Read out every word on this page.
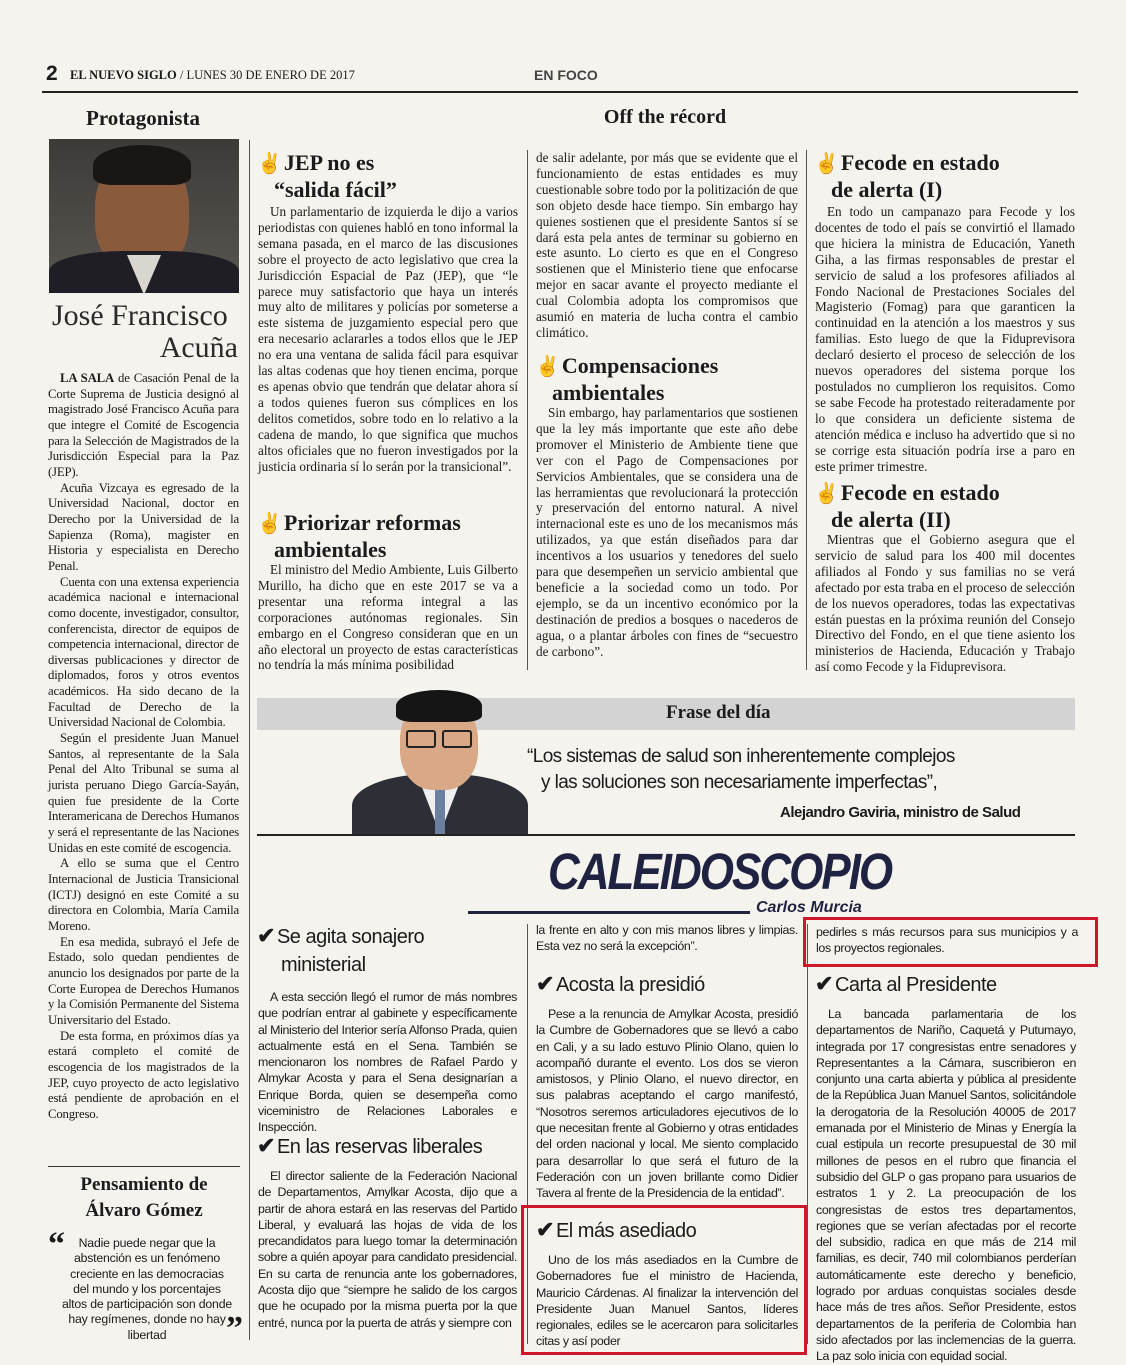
2 EL NUEVO SIGLO / LUNES 30 DE ENERO DE 2017	EN FOCO
Protagonista
José Francisco
Acuña

LA SALA de Casación Penal de la Corte Suprema de Justicia designó al magistrado José Francisco Acuña para que integre el Comité de Escogencia para la Selección de Magistrados de la Jurisdicción Especial para la Paz (JEP).

Acuña Vizcaya es egresado de la Universidad Nacional, doctor en Derecho por la Universidad de la Sapienza (Roma), magister en Historia y especialista en Derecho Penal.

Cuenta con una extensa experiencia académica nacional e internacional como docente, investigador, consultor, conferencista, director de equipos de competencia internacional, director de diversas publicaciones y director de diplomados, foros y otros eventos académicos. Ha sido decano de la Facultad de Derecho de la Universidad Nacional de Colombia.

Según el presidente Juan Manuel Santos, al representante de la Sala Penal del Alto Tribunal se suma al jurista peruano Diego García-Sayán, quien fue presidente de la Corte Interamericana de Derechos Humanos y será el representante de las Naciones Unidas en este comité de escogencia.

A ello se suma que el Centro Internacional de Justicia Transicional (ICTJ) designó en este Comité a su directora en Colombia, María Camila Moreno.

En esa medida, subrayó el Jefe de Estado, solo quedan pendientes de anuncio los designados por parte de la Corte Europea de Derechos Humanos y la Comisión Permanente del Sistema Universitario del Estado.

De esta forma, en próximos días ya estará completo el comité de escogencia de los magistrados de la JEP, cuyo proyecto de acto legislativo está pendiente de aprobación en el Congreso.

Pensamiento de
Álvaro Gómez
“	Nadie puede negar que la abstención es un fenómeno creciente en las democracias del mundo y los porcentajes altos de participación son donde hay regímenes, donde no hay libertad	”
Off the récord
✌JEP no es
“salida fácil”

Un parlamentario de izquierda le dijo a varios periodistas con quienes habló en tono informal la semana pasada, en el marco de las discusiones sobre el proyecto de acto legislativo que crea la Jurisdicción Espacial de Paz (JEP), que “le parece muy satisfactorio que haya un interés muy alto de militares y policías por someterse a este sistema de juzgamiento especial pero que era necesario aclararles a todos ellos que le JEP no era una ventana de salida fácil para esquivar las altas codenas que hoy tienen encima, porque es apenas obvio que tendrán que delatar ahora sí a todos quienes fueron sus cómplices en los delitos cometidos, sobre todo en lo relativo a la cadena de mando, lo que significa que muchos altos oficiales que no fueron investigados por la justicia ordinaria sí lo serán por la transicional”.

✌Priorizar reformas
ambientales

El ministro del Medio Ambiente, Luis Gilberto Murillo, ha dicho que en este 2017 se va a presentar una reforma integral a las corporaciones autónomas regionales. Sin embargo en el Congreso consideran que en un año electoral un proyecto de estas características no tendría la más mínima posibilidad

de salir adelante, por más que se evidente que el funcionamiento de estas entidades es muy cuestionable sobre todo por la politización de que son objeto desde hace tiempo. Sin embargo hay quienes sostienen que el presidente Santos sí se dará esta pela antes de terminar su gobierno en este asunto. Lo cierto es que en el Congreso sostienen que el Ministerio tiene que enfocarse mejor en sacar avante el proyecto mediante el cual Colombia adopta los compromisos que asumió en materia de lucha contra el cambio climático.

✌Compensaciones
ambientales

Sin embargo, hay parlamentarios que sostienen que la ley más importante que este año debe promover el Ministerio de Ambiente tiene que ver con el Pago de Compensaciones por Servicios Ambientales, que se considera una de las herramientas que revolucionará la protección y preservación del entorno natural. A nivel internacional este es uno de los mecanismos más utilizados, ya que están diseñados para dar incentivos a los usuarios y tenedores del suelo para que desempeñen un servicio ambiental que beneficie a la sociedad como un todo. Por ejemplo, se da un incentivo económico por la destinación de predios a bosques o nacederos de agua, o a plantar árboles con fines de “secuestro de carbono”.

✌Fecode en estado
de alerta (I)

En todo un campanazo para Fecode y los docentes de todo el país se convirtió el llamado que hiciera la ministra de Educación, Yaneth Giha, a las firmas responsables de prestar el servicio de salud a los profesores afiliados al Fondo Nacional de Prestaciones Sociales del Magisterio (Fomag) para que garanticen la continuidad en la atención a los maestros y sus familias. Esto luego de que la Fiduprevisora declaró desierto el proceso de selección de los nuevos operadores del sistema porque los postulados no cumplieron los requisitos. Como se sabe Fecode ha protestado reiteradamente por lo que considera un deficiente sistema de atención médica e incluso ha advertido que si no se corrige esta situación podría irse a paro en este primer trimestre.

✌Fecode en estado
de alerta (II)

Mientras que el Gobierno asegura que el servicio de salud para los 400 mil docentes afiliados al Fondo y sus familias no se verá afectado por esta traba en el proceso de selección de los nuevos operadores, todas las expectativas están puestas en la próxima reunión del Consejo Directivo del Fondo, en el que tiene asiento los ministerios de Hacienda, Educación y Trabajo así como Fecode y la Fiduprevisora.

Frase del día
“Los sistemas de salud son inherentemente complejos
y las soluciones son necesariamente imperfectas”,
Alejandro Gaviria, ministro de Salud
CALEIDOSCOPIO
Carlos Murcia
✔ Se agita sonajero
ministerial

A esta sección llegó el rumor de más nombres que podrían entrar al gabinete y específicamente al Ministerio del Interior sería Alfonso Prada, quien actualmente está en el Sena. También se mencionaron los nombres de Rafael Pardo y Almykar Acosta y para el Sena designarían a Enrique Borda, quien se desempeña como viceministro de Relaciones Laborales e Inspección.

✔ En las reservas liberales

El director saliente de la Federación Nacional de Departamentos, Amylkar Acosta, dijo que a partir de ahora estará en las reservas del Partido Liberal, y evaluará las hojas de vida de los precandidatos para luego tomar la determinación sobre a quién apoyar para candidato presidencial. En su carta de renuncia ante los gobernadores, Acosta dijo que “siempre he salido de los cargos que he ocupado por la misma puerta por la que entré, nunca por la puerta de atrás y siempre con

la frente en alto y con mis manos libres y limpias. Esta vez no será la excepción”.

✔ Acosta la presidió

Pese a la renuncia de Amylkar Acosta, presidió la Cumbre de Gobernadores que se llevó a cabo en Cali, y a su lado estuvo Plinio Olano, quien lo acompañó durante el evento. Los dos se vieron amistosos, y Plinio Olano, el nuevo director, en sus palabras aceptando el cargo manifestó, “Nosotros seremos articuladores ejecutivos de lo que necesitan frente al Gobierno y otras entidades del orden nacional y local. Me siento complacido para desarrollar lo que será el futuro de la Federación con un joven brillante como Didier Tavera al frente de la Presidencia de la entidad”.

✔ El más asediado

Uno de los más asediados en la Cumbre de Gobernadores fue el ministro de Hacienda, Mauricio Cárdenas. Al finalizar la intervención del Presidente Juan Manuel Santos, líderes regionales, ediles se le acercaron para solicitarles citas y así poder

pedirles s más recursos para sus municipios y a los proyectos regionales.

✔ Carta al Presidente

La bancada parlamentaria de los departamentos de Nariño, Caquetá y Putumayo, integrada por 17 congresistas entre senadores y Representantes a la Cámara, suscribieron en conjunto una carta abierta y pública al presidente de la República Juan Manuel Santos, solicitándole la derogatoria de la Resolución 40005 de 2017 emanada por el Ministerio de Minas y Energía la cual estipula un recorte presupuestal de 30 mil millones de pesos en el rubro que financia el subsidio del GLP o gas propano para usuarios de estratos 1 y 2. La preocupación de los congresistas de estos tres departamentos, regiones que se verían afectadas por el recorte del subsidio, radica en que más de 214 mil familias, es decir, 740 mil colombianos perderían automáticamente este derecho y beneficio, logrado por arduas conquistas sociales desde hace más de tres años. Señor Presidente, estos departamentos de la periferia de Colombia han sido afectados por las inclemencias de la guerra. La paz solo inicia con equidad social.
